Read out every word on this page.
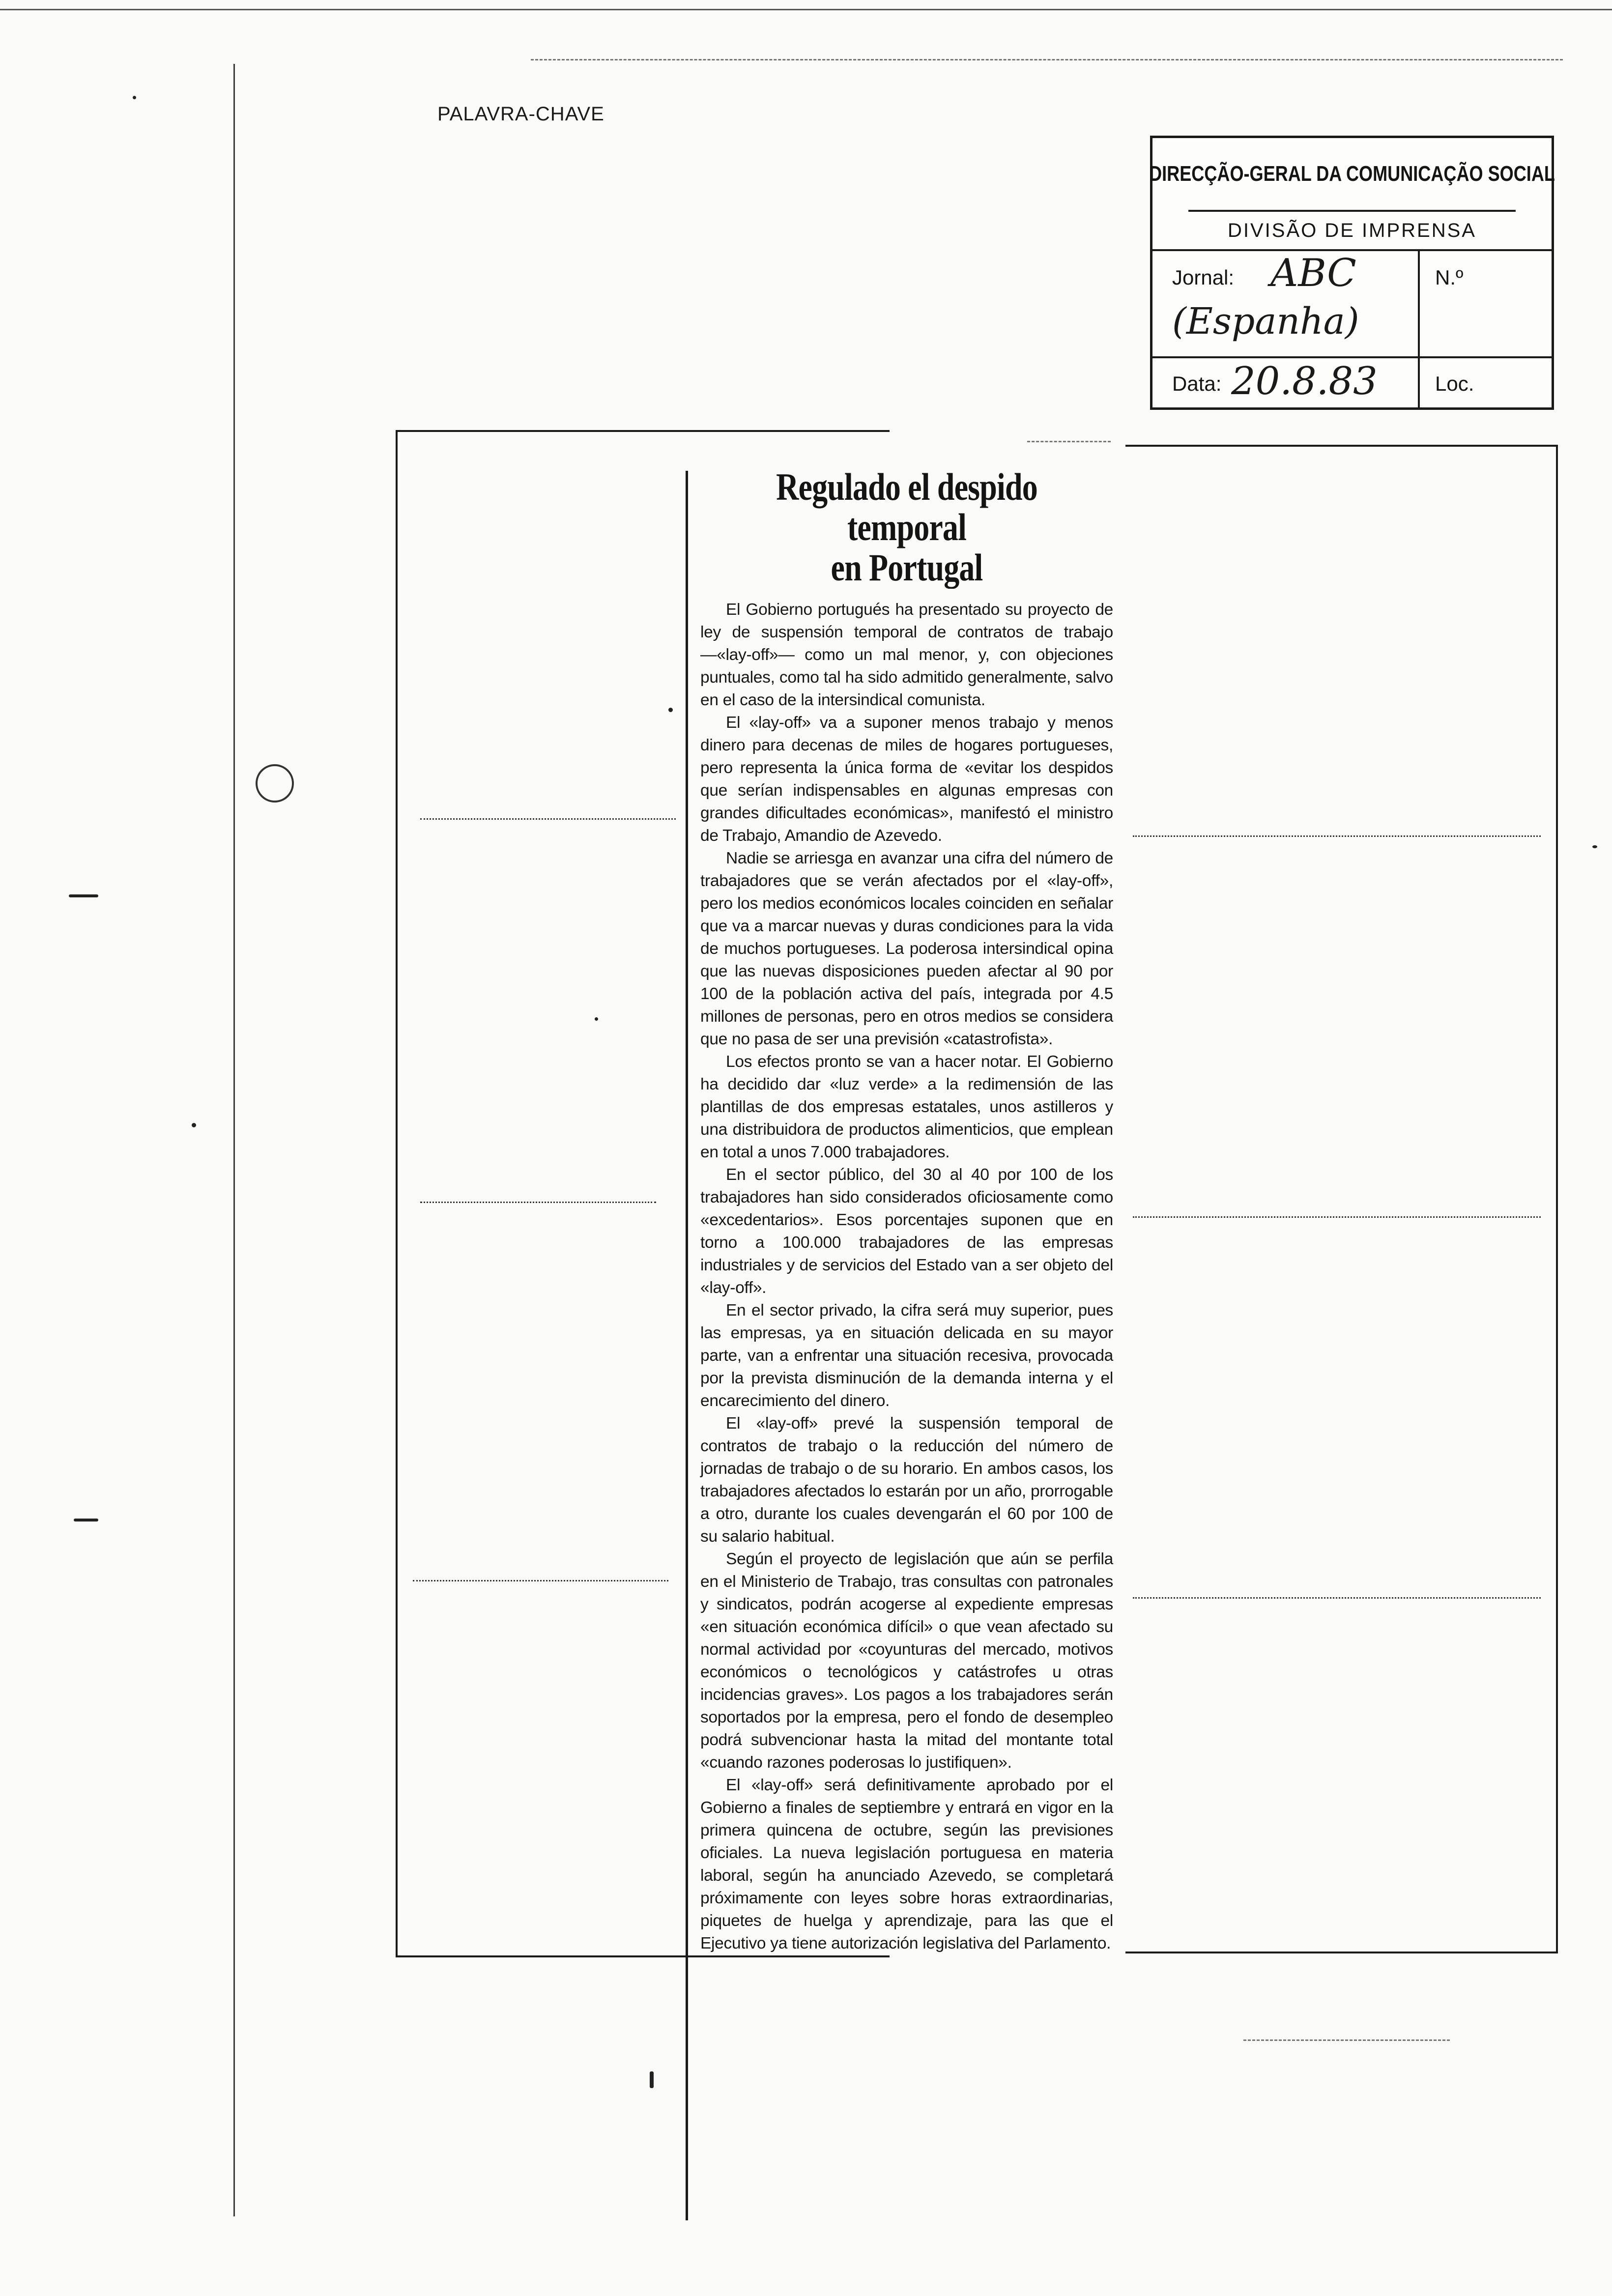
PALAVRA-CHAVE
DIRECÇÃO-GERAL DA COMUNICAÇÃO SOCIAL
DIVISÃO DE IMPRENSA
Jornal: ABC
(Espanha)
N.º
Data: 20.8.83	Loc.
Regulado el despido temporal
en Portugal

El Gobierno portugués ha presentado su proyecto de ley de suspensión temporal de contratos de trabajo —«lay-off»— como un mal menor, y, con objeciones puntuales, como tal ha sido admitido generalmente, salvo en el caso de la intersindical comunista.

El «lay-off» va a suponer menos trabajo y menos dinero para decenas de miles de hogares portugueses, pero representa la única forma de «evitar los despidos que serían indispensables en algunas empresas con grandes dificultades económicas», manifestó el ministro de Trabajo, Amandio de Azevedo.

Nadie se arriesga en avanzar una cifra del número de trabajadores que se verán afectados por el «lay-off», pero los medios económicos locales coinciden en señalar que va a marcar nuevas y duras condiciones para la vida de muchos portugueses. La poderosa intersindical opina que las nuevas disposiciones pueden afectar al 90 por 100 de la población activa del país, integrada por 4.5 millones de personas, pero en otros medios se considera que no pasa de ser una previsión «catastrofista».

Los efectos pronto se van a hacer notar. El Gobierno ha decidido dar «luz verde» a la redimensión de las plantillas de dos empresas estatales, unos astilleros y una distribuidora de productos alimenticios, que emplean en total a unos 7.000 trabajadores.

En el sector público, del 30 al 40 por 100 de los trabajadores han sido considerados oficiosamente como «excedentarios». Esos porcentajes suponen que en torno a 100.000 trabajadores de las empresas industriales y de servicios del Estado van a ser objeto del «lay-off».

En el sector privado, la cifra será muy superior, pues las empresas, ya en situación delicada en su mayor parte, van a enfrentar una situación recesiva, provocada por la prevista disminución de la demanda interna y el encarecimiento del dinero.

El «lay-off» prevé la suspensión temporal de contratos de trabajo o la reducción del número de jornadas de trabajo o de su horario. En ambos casos, los trabajadores afectados lo estarán por un año, prorrogable a otro, durante los cuales devengarán el 60 por 100 de su salario habitual.

Según el proyecto de legislación que aún se perfila en el Ministerio de Trabajo, tras consultas con patronales y sindicatos, podrán acogerse al expediente empresas «en situación económica difícil» o que vean afectado su normal actividad por «coyunturas del mercado, motivos económicos o tecnológicos y catástrofes u otras incidencias graves». Los pagos a los trabajadores serán soportados por la empresa, pero el fondo de desempleo podrá subvencionar hasta la mitad del montante total «cuando razones poderosas lo justifiquen».

El «lay-off» será definitivamente aprobado por el Gobierno a finales de septiembre y entrará en vigor en la primera quincena de octubre, según las previsiones oficiales. La nueva legislación portuguesa en materia laboral, según ha anunciado Azevedo, se completará próximamente con leyes sobre horas extraordinarias, piquetes de huelga y aprendizaje, para las que el Ejecutivo ya tiene autorización legislativa del Parlamento.
